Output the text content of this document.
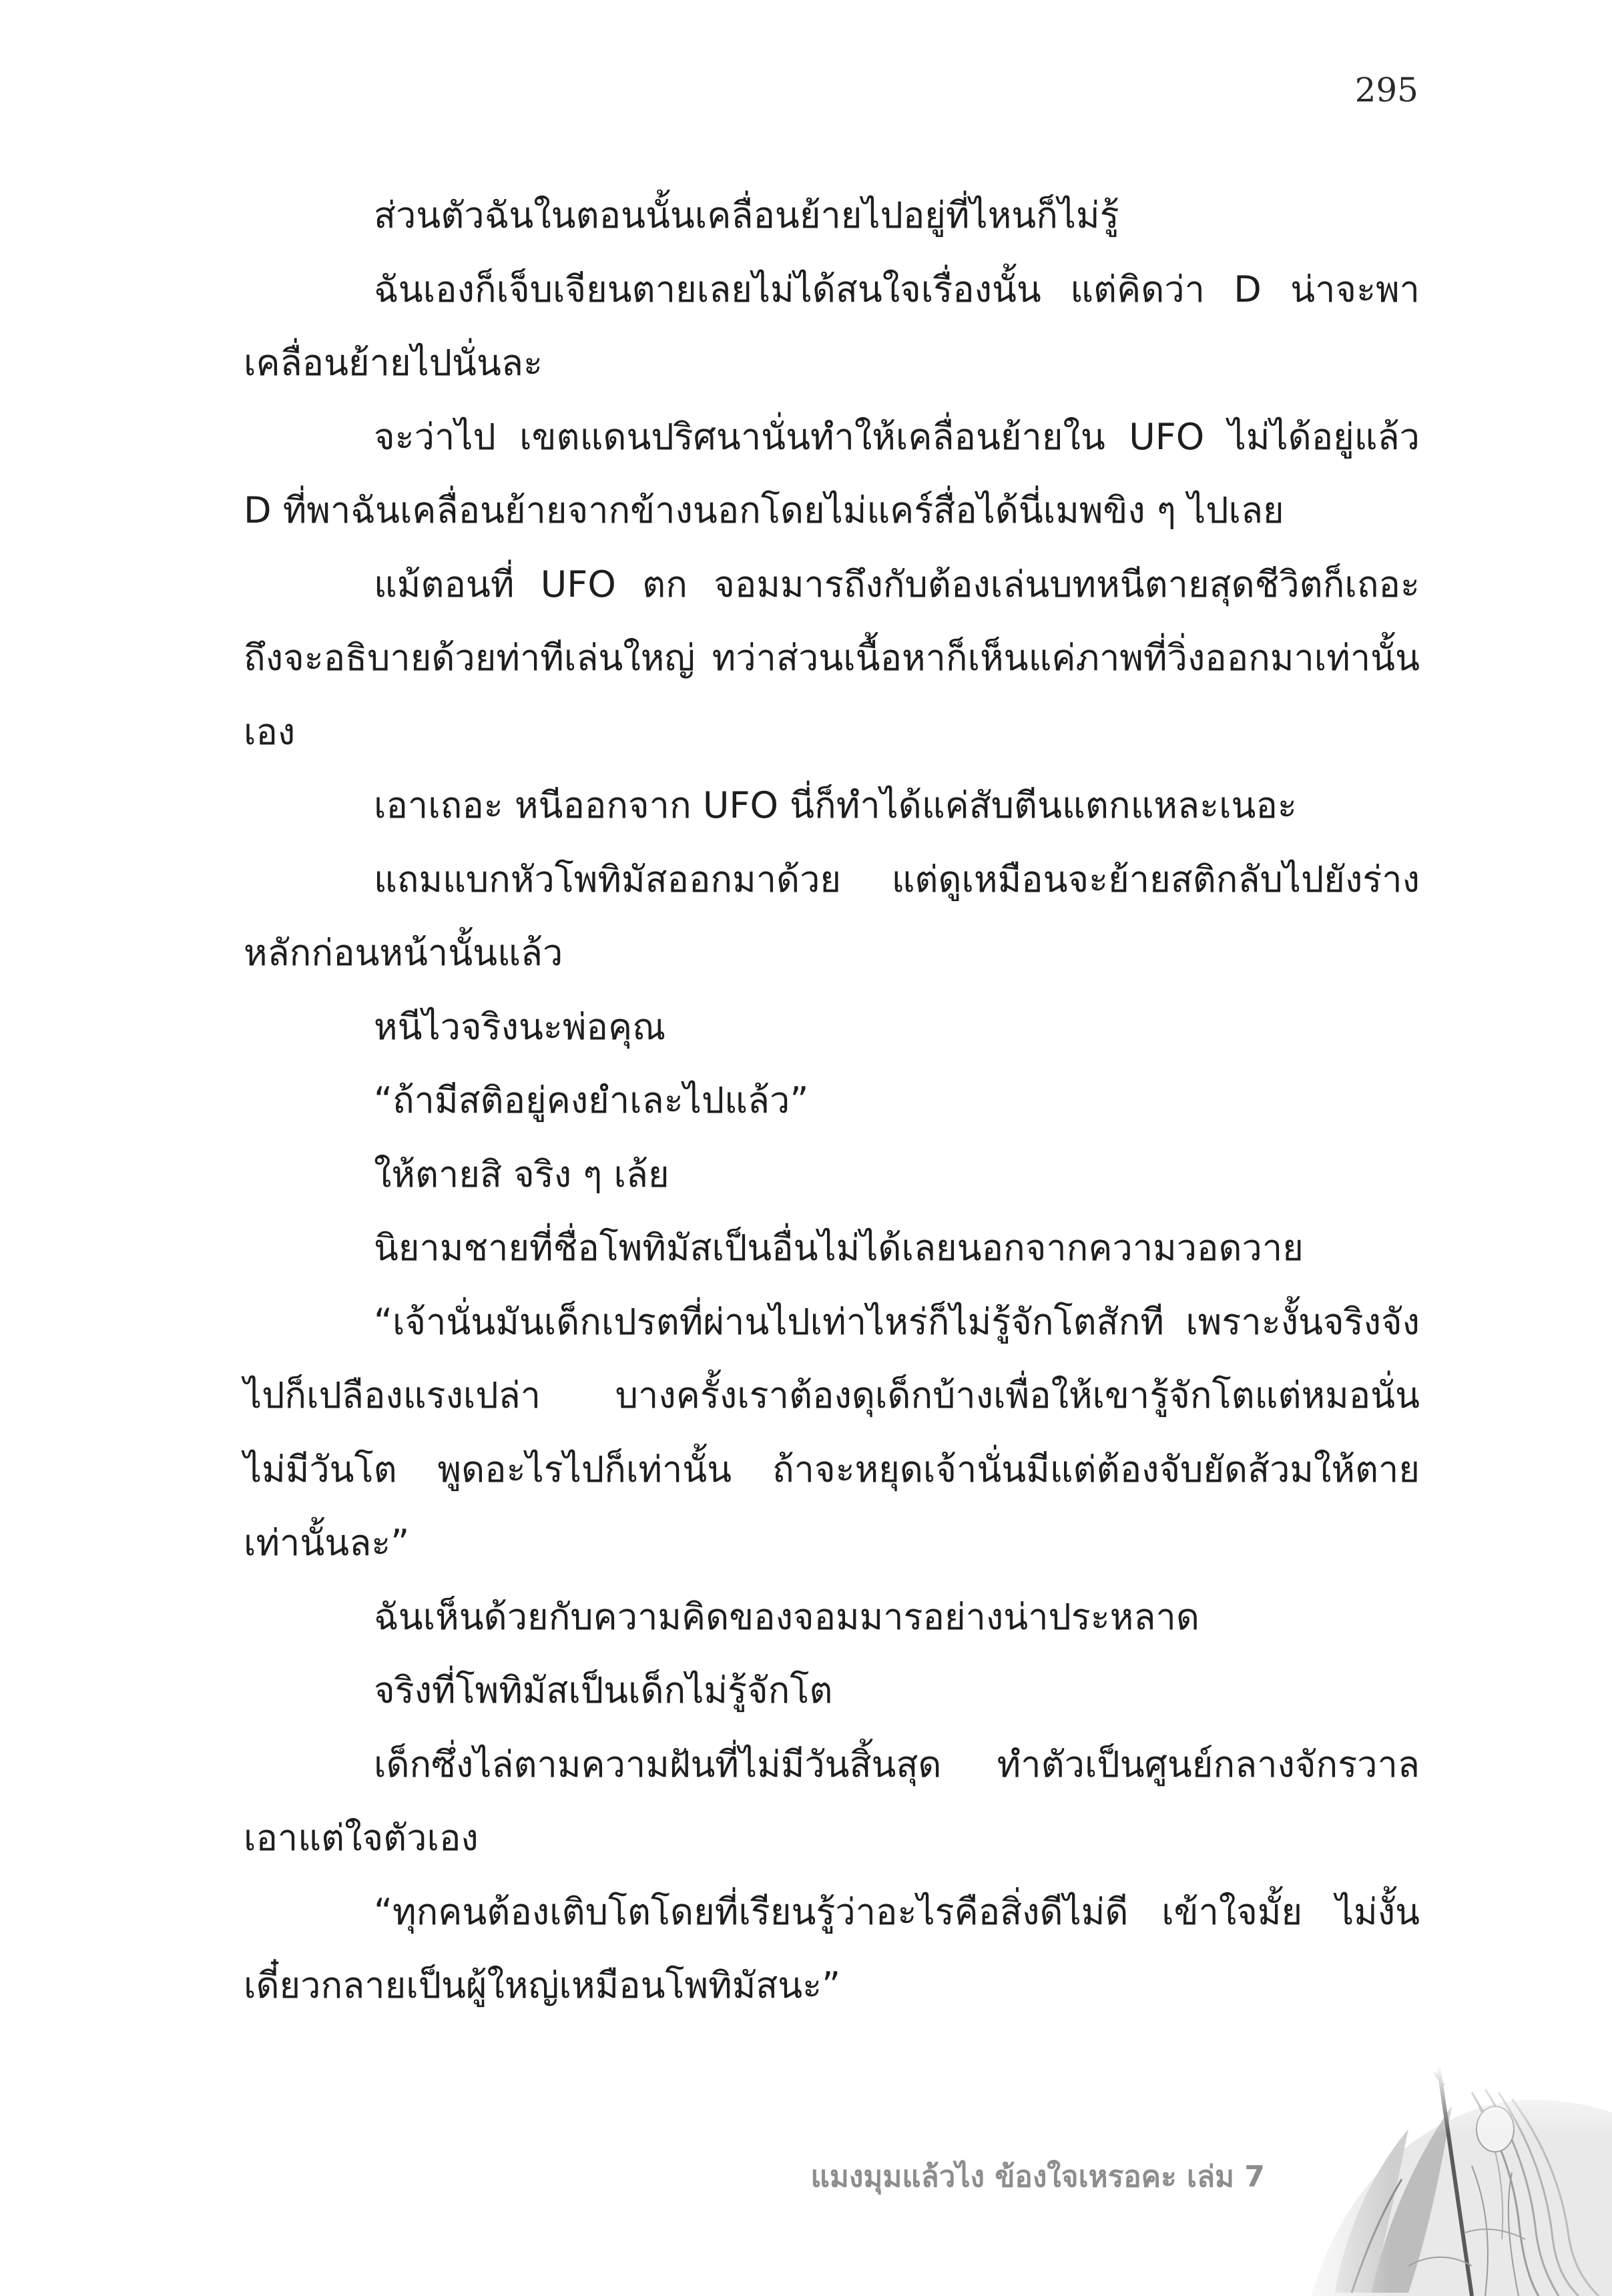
295

ส่วนตัวฉันในตอนนั้นเคลื่อนย้ายไปอยู่ที่ไหนก็ไม่รู้

ฉันเองก็เจ็บเจียนตายเลยไม่ได้สนใจเรื่องนั้น แต่คิดว่า D น่าจะพาเคลื่อนย้ายไปนั่นละ

จะว่าไป เขตแดนปริศนานั่นทำให้เคลื่อนย้ายใน UFO ไม่ได้อยู่แล้ว D ที่พาฉันเคลื่อนย้ายจากข้างนอกโดยไม่แคร์สื่อได้นี่เมพขิง ๆ ไปเลย

แม้ตอนที่ UFO ตก จอมมารถึงกับต้องเล่นบทหนีตายสุดชีวิตก็เถอะ ถึงจะอธิบายด้วยท่าทีเล่นใหญ่ ทว่าส่วนเนื้อหาก็เห็นแค่ภาพที่วิ่งออกมาเท่านั้นเอง

เอาเถอะ หนีออกจาก UFO นี่ก็ทำได้แค่สับตีนแตกแหละเนอะ

แถมแบกหัวโพทิมัสออกมาด้วย แต่ดูเหมือนจะย้ายสติกลับไปยังร่างหลักก่อนหน้านั้นแล้ว

หนีไวจริงนะพ่อคุณ

“ถ้ามีสติอยู่คงยำเละไปแล้ว”

ให้ตายสิ จริง ๆ เล้ย

นิยามชายที่ชื่อโพทิมัสเป็นอื่นไม่ได้เลยนอกจากความวอดวาย

“เจ้านั่นมันเด็กเปรตที่ผ่านไปเท่าไหร่ก็ไม่รู้จักโตสักที เพราะงั้นจริงจังไปก็เปลืองแรงเปล่า บางครั้งเราต้องดุเด็กบ้างเพื่อให้เขารู้จักโตแต่หมอนั่นไม่มีวันโต พูดอะไรไปก็เท่านั้น ถ้าจะหยุดเจ้านั่นมีแต่ต้องจับยัดส้วมให้ตายเท่านั้นละ”

ฉันเห็นด้วยกับความคิดของจอมมารอย่างน่าประหลาด

จริงที่โพทิมัสเป็นเด็กไม่รู้จักโต

เด็กซึ่งไล่ตามความฝันที่ไม่มีวันสิ้นสุด ทำตัวเป็นศูนย์กลางจักรวาล เอาแต่ใจตัวเอง

“ทุกคนต้องเติบโตโดยที่เรียนรู้ว่าอะไรคือสิ่งดีไม่ดี เข้าใจมั้ย ไม่งั้นเดี๋ยวกลายเป็นผู้ใหญ่เหมือนโพทิมัสนะ”

แมงมุมแล้วไง ข้องใจเหรอคะ เล่ม 7
